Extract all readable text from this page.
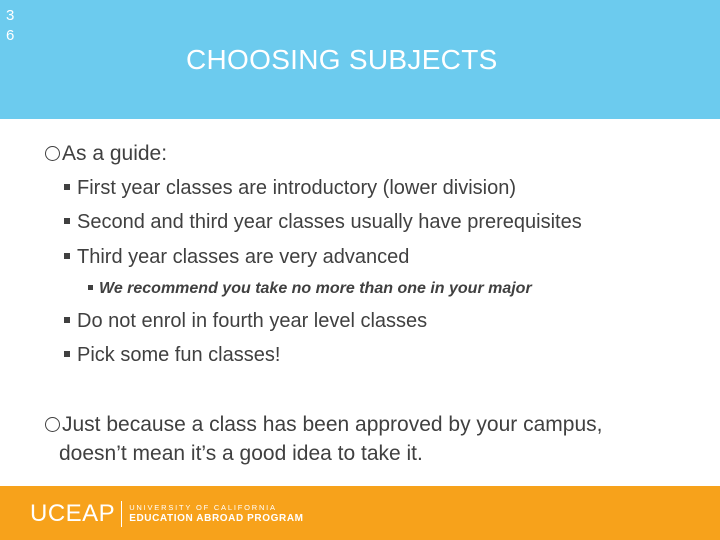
36
CHOOSING SUBJECTS
As a guide:
First year classes are introductory (lower division)
Second and third year classes usually have prerequisites
Third year classes are very advanced
We recommend you take no more than one in your major
Do not enrol in fourth year level classes
Pick some fun classes!
Just because a class has been approved by your campus,
doesn’t mean it’s a good idea to take it.
UCEAP UNIVERSITY OF CALIFORNIA
EDUCATION ABROAD PROGRAM
